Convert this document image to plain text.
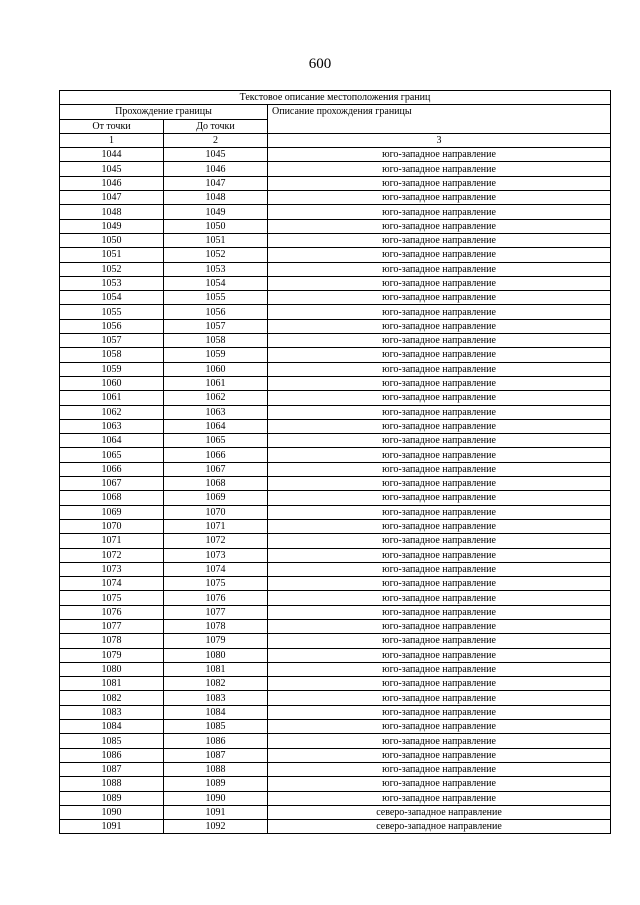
600
Текстовое описание местоположения границ		
Прохождение границы		Описание прохождения границы
От точки	До точки	
1	2	3
1044	1045	юго-западное направление
1045	1046	юго-западное направление
1046	1047	юго-западное направление
1047	1048	юго-западное направление
1048	1049	юго-западное направление
1049	1050	юго-западное направление
1050	1051	юго-западное направление
1051	1052	юго-западное направление
1052	1053	юго-западное направление
1053	1054	юго-западное направление
1054	1055	юго-западное направление
1055	1056	юго-западное направление
1056	1057	юго-западное направление
1057	1058	юго-западное направление
1058	1059	юго-западное направление
1059	1060	юго-западное направление
1060	1061	юго-западное направление
1061	1062	юго-западное направление
1062	1063	юго-западное направление
1063	1064	юго-западное направление
1064	1065	юго-западное направление
1065	1066	юго-западное направление
1066	1067	юго-западное направление
1067	1068	юго-западное направление
1068	1069	юго-западное направление
1069	1070	юго-западное направление
1070	1071	юго-западное направление
1071	1072	юго-западное направление
1072	1073	юго-западное направление
1073	1074	юго-западное направление
1074	1075	юго-западное направление
1075	1076	юго-западное направление
1076	1077	юго-западное направление
1077	1078	юго-западное направление
1078	1079	юго-западное направление
1079	1080	юго-западное направление
1080	1081	юго-западное направление
1081	1082	юго-западное направление
1082	1083	юго-западное направление
1083	1084	юго-западное направление
1084	1085	юго-западное направление
1085	1086	юго-западное направление
1086	1087	юго-западное направление
1087	1088	юго-западное направление
1088	1089	юго-западное направление
1089	1090	юго-западное направление
1090	1091	северо-западное направление
1091	1092	северо-западное направление
